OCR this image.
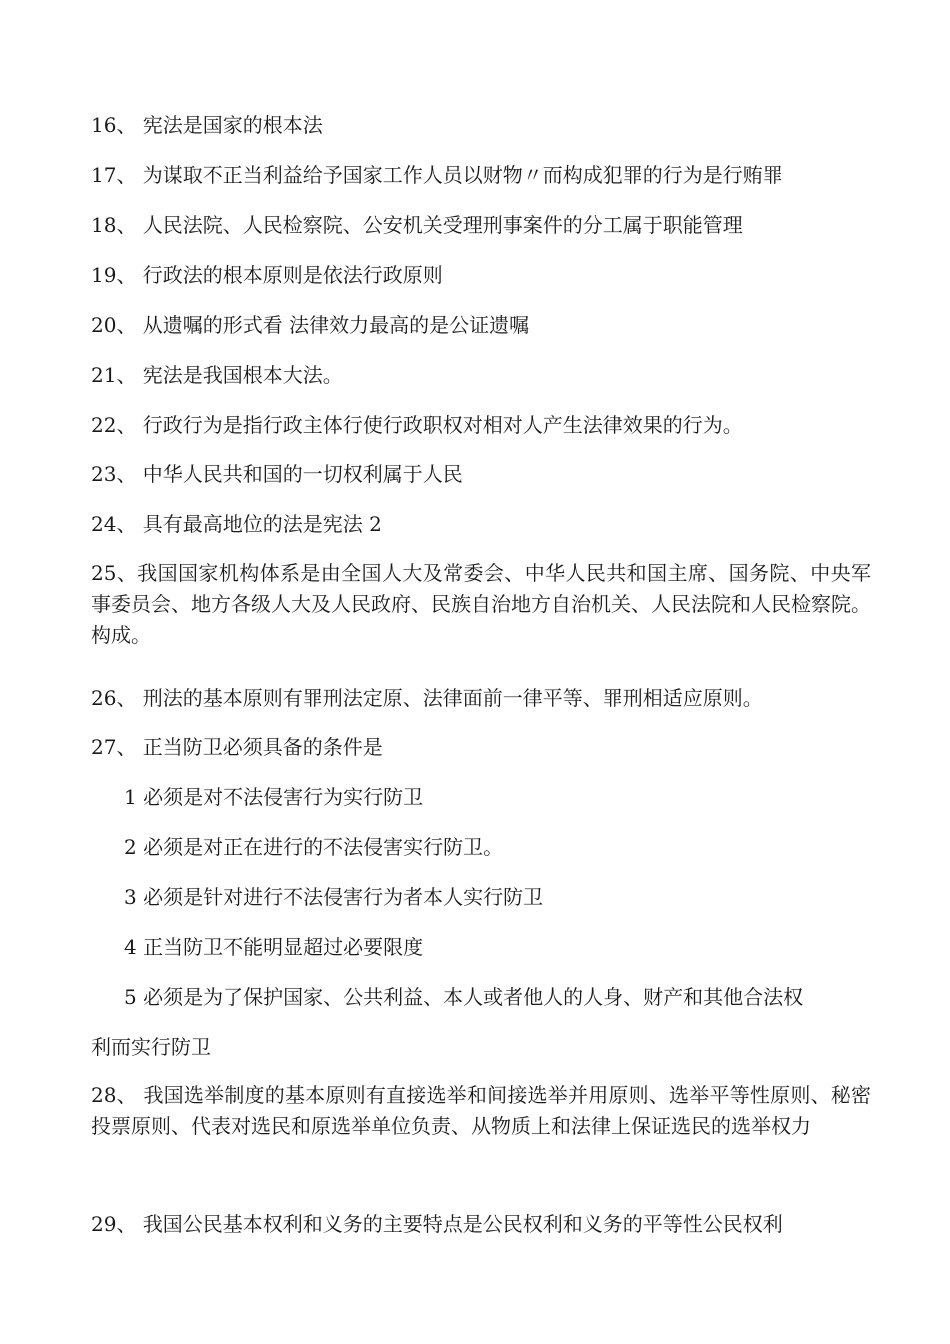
16、 宪法是国家的根本法
17、 为谋取不正当利益给予国家工作人员以财物〃而构成犯罪的行为是行贿罪
18、 人民法院、人民检察院、公安机关受理刑事案件的分工属于职能管理
19、 行政法的根本原则是依法行政原则
20、 从遗嘱的形式看 法律效力最高的是公证遗嘱
21、 宪法是我国根本大法。
22、 行政行为是指行政主体行使行政职权对相对人产生法律效果的行为。
23、 中华人民共和国的一切权利属于人民
24、 具有最高地位的法是宪法 2
25、我国国家机构体系是由全国人大及常委会、中华人民共和国主席、国务院、中央军事委员会、地方各级人大及人民政府、民族自治地方自治机关、人民法院和人民检察院。构成。
26、 刑法的基本原则有罪刑法定原、法律面前一律平等、罪刑相适应原则。
27、 正当防卫必须具备的条件是
1 必须是对不法侵害行为实行防卫
2 必须是对正在进行的不法侵害实行防卫。
3 必须是针对进行不法侵害行为者本人实行防卫
4 正当防卫不能明显超过必要限度
5 必须是为了保护国家、公共利益、本人或者他人的人身、财产和其他合法权
利而实行防卫
28、 我国选举制度的基本原则有直接选举和间接选举并用原则、选举平等性原则、秘密投票原则、代表对选民和原选举单位负责、从物质上和法律上保证选民的选举权力
29、 我国公民基本权利和义务的主要特点是公民权利和义务的平等性公民权利
